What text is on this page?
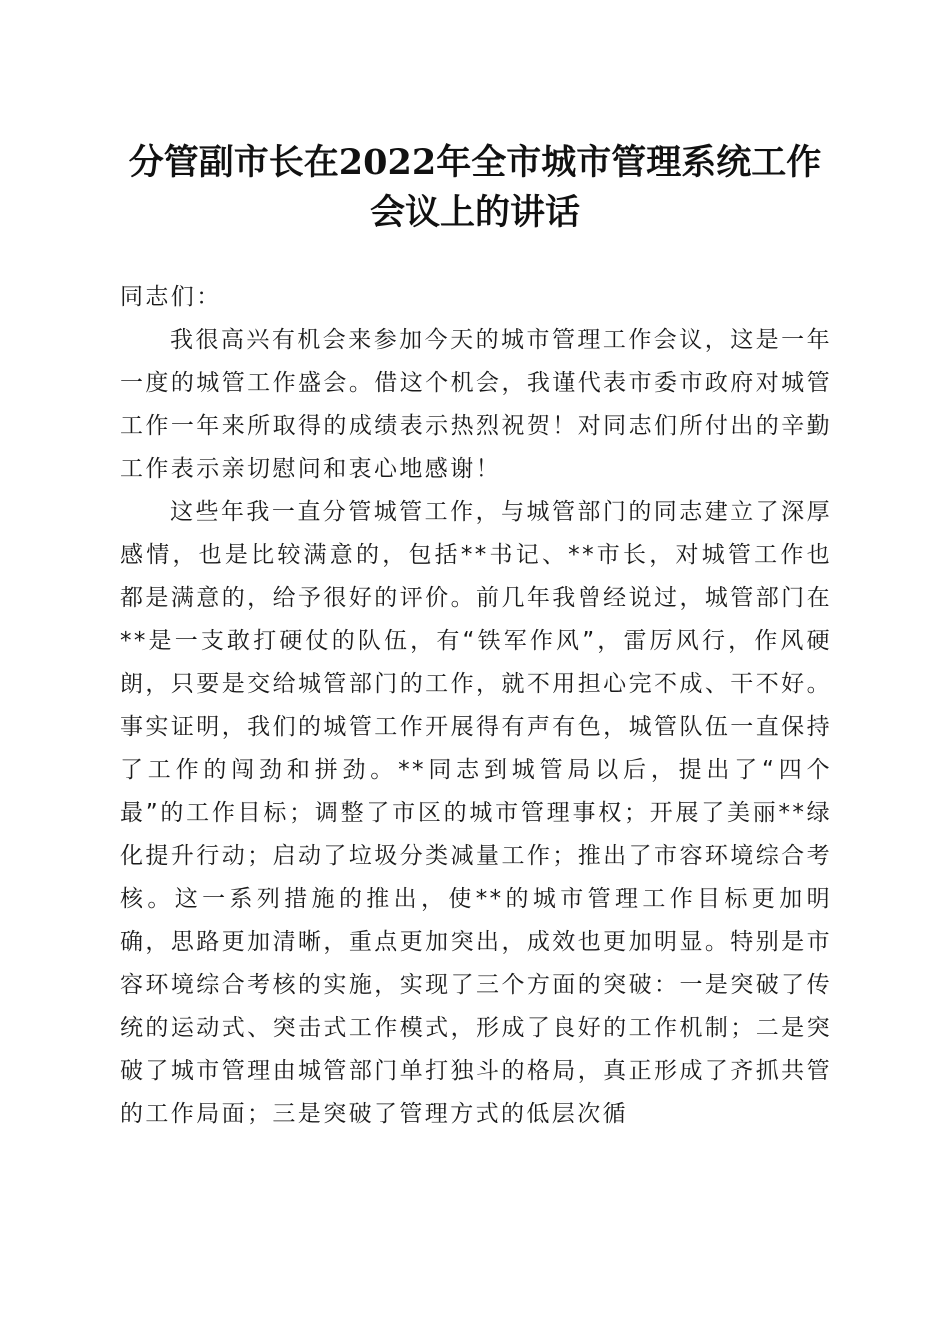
分管副市长在2022年全市城市管理系统工作
会议上的讲话

同志们：

我很高兴有机会来参加今天的城市管理工作会议，这是一年一度的城管工作盛会。借这个机会，我谨代表市委市政府对城管工作一年来所取得的成绩表示热烈祝贺！对同志们所付出的辛勤工作表示亲切慰问和衷心地感谢！

这些年我一直分管城管工作，与城管部门的同志建立了深厚感情，也是比较满意的，包括**书记、**市长，对城管工作也都是满意的，给予很好的评价。前几年我曾经说过，城管部门在**是一支敢打硬仗的队伍，有“铁军作风”，雷厉风行，作风硬朗，只要是交给城管部门的工作，就不用担心完不成、干不好。事实证明，我们的城管工作开展得有声有色，城管队伍一直保持了工作的闯劲和拼劲。**同志到城管局以后，提出了“四个最”的工作目标；调整了市区的城市管理事权；开展了美丽**绿化提升行动；启动了垃圾分类减量工作；推出了市容环境综合考核。这一系列措施的推出，使**的城市管理工作目标更加明确，思路更加清晰，重点更加突出，成效也更加明显。特别是市容环境综合考核的实施，实现了三个方面的突破：一是突破了传统的运动式、突击式工作模式，形成了良好的工作机制；二是突破了城市管理由城管部门单打独斗的格局，真正形成了齐抓共管的工作局面；三是突破了管理方式的低层次循
